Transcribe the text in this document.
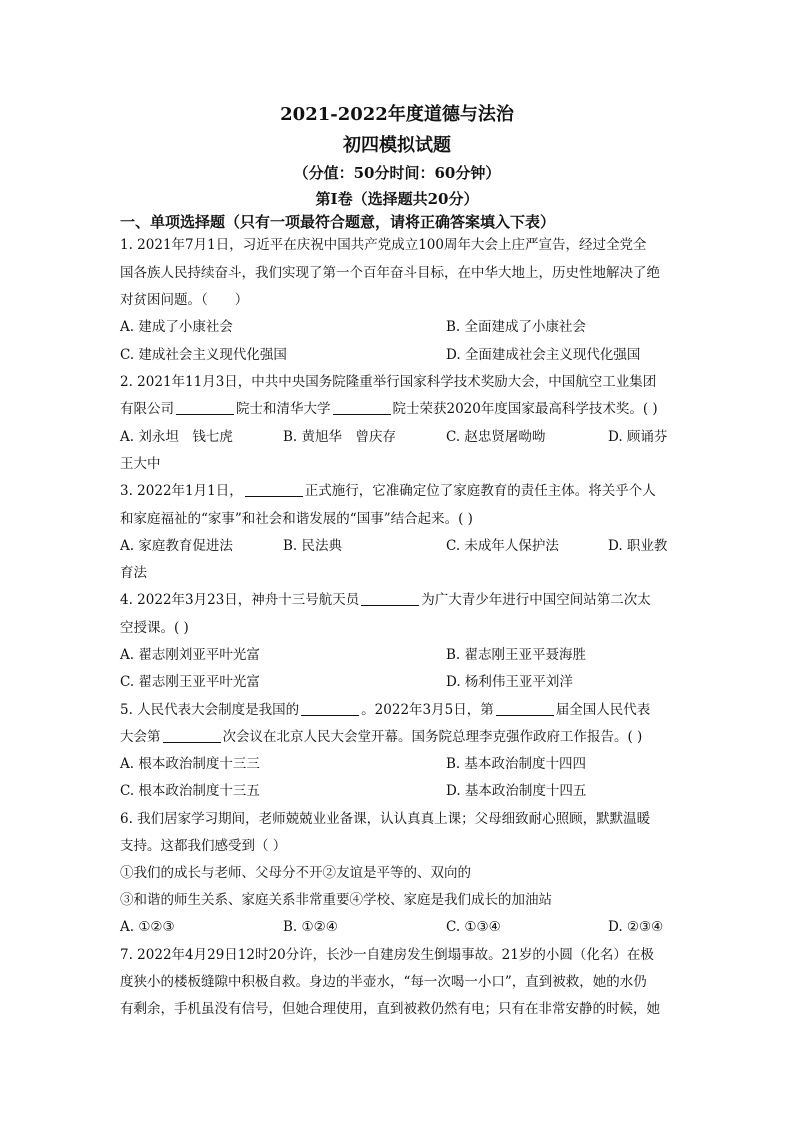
2021-2022年度道德与法治
初四模拟试题
（分值：50分时间：60分钟）
第Ⅰ卷（选择题共20分）
一、单项选择题（只有一项最符合题意，请将正确答案填入下表）
1. 2021年7月1日，习近平在庆祝中国共产党成立100周年大会上庄严宣告，经过全党全
国各族人民持续奋斗，我们实现了第一个百年奋斗目标，在中华大地上，历史性地解决了绝
对贫困问题。（　　）
A. 建成了小康社会	B. 全面建成了小康社会
C. 建成社会主义现代化强国	D. 全面建成社会主义现代化强国
2. 2021年11月3日，中共中央国务院隆重举行国家科学技术奖励大会，中国航空工业集团
有限公司	院士和清华大学	院士荣获2020年度国家最高科学技术奖。( )
A. 刘永坦　钱七虎	B. 黄旭华　曾庆存	C. 赵忠贤屠呦呦	D. 顾诵芬
王大中
3. 2022年1月1日，	正式施行，它准确定位了家庭教育的责任主体。将关乎个人
和家庭福祉的“家事”和社会和谐发展的“国事”结合起来。( )
A. 家庭教育促进法	B. 民法典	C. 未成年人保护法	D. 职业教
育法
4. 2022年3月23日，神舟十三号航天员	为广大青少年进行中国空间站第二次太
空授课。( )
A. 翟志刚刘亚平叶光富	B. 翟志刚王亚平聂海胜
C. 翟志刚王亚平叶光富	D. 杨利伟王亚平刘洋
5. 人民代表大会制度是我国的	。2022年3月5日，第	届全国人民代表
大会第	次会议在北京人民大会堂开幕。国务院总理李克强作政府工作报告。( )
A. 根本政治制度十三三	B. 基本政治制度十四四
C. 根本政治制度十三五	D. 基本政治制度十四五
6. 我们居家学习期间，老师兢兢业业备课，认认真真上课；父母细致耐心照顾，默默温暖
支持。这都我们感受到（ ）
①我们的成长与老师、父母分不开②友谊是平等的、双向的
③和谐的师生关系、家庭关系非常重要④学校、家庭是我们成长的加油站
A. ①②③	B. ①②④	C. ①③④	D. ②③④
7. 2022年4月29日12时20分许，长沙一自建房发生倒塌事故。21岁的小圆（化名）在极
度狭小的楼板缝隙中积极自救。身边的半壶水，“每一次喝一小口”，直到被救，她的水仍
有剩余，手机虽没有信号，但她合理使用，直到被救仍然有电；只有在非常安静的时候，她
